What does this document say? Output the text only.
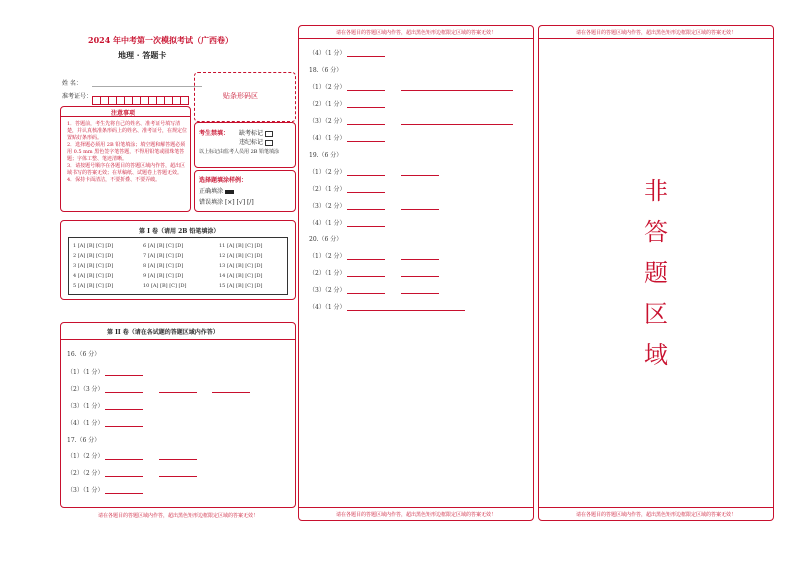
2024 年中考第一次模拟考试（广西卷）
地理 · 答题卡
姓 名：
准考证号：	贴条形码区
注意事项
1．答题前，考生先将自己的姓名、准考证号填写清楚，并认真核准条形码上的姓名、准考证号，在规定位置贴好条形码。
2．选择题必须用 2B 铅笔填涂；填空题和解答题必须用 0.5 mm 黑色签字笔答题，不得用铅笔或圆珠笔答题；字体工整、笔迹清晰。
3．请按题号顺序在各题目的答题区域内作答，超出区域书写的答案无效；在草稿纸、试题卷上答题无效。
4．保持卡面清洁，不要折叠、不要弄破。
考生禁填： 缺考标记
违纪标记
以上标记由监考人员用 2B 铅笔填涂
选择题填涂样例：
正确填涂
错误填涂 [×] [√] [/]
第 I 卷（请用 2B 铅笔填涂）
1 [A] [B] [C] [D]	6 [A] [B] [C] [D]	11 [A] [B] [C] [D]
2 [A] [B] [C] [D]	7 [A] [B] [C] [D]	12 [A] [B] [C] [D]
3 [A] [B] [C] [D]	8 [A] [B] [C] [D]	13 [A] [B] [C] [D]
4 [A] [B] [C] [D]	9 [A] [B] [C] [D]	14 [A] [B] [C] [D]
5 [A] [B] [C] [D]	10 [A] [B] [C] [D]	15 [A] [B] [C] [D]
第 II 卷（请在各试题的答题区域内作答）
16.（6 分）
（1）（1 分）
（2）（3 分）
（3）（1 分）
（4）（1 分）
17.（6 分）
（1）（2 分）
（2）（2 分）
（3）（1 分）
请在各题目的答题区域内作答，超出黑色矩形边框限定区域的答案无效！
请在各题目的答题区域内作答，超出黑色矩形边框限定区域的答案无效！
（4）（1 分）
18.（6 分）
（1）（2 分）
（2）（1 分）
（3）（2 分）
（4）（1 分）
19.（6 分）
（1）（2 分）
（2）（1 分）
（3）（2 分）
（4）（1 分）
20.（6 分）
（1）（2 分）
（2）（1 分）
（3）（2 分）
（4）（1 分）
请在各题目的答题区域内作答，超出黑色矩形边框限定区域的答案无效！
请在各题目的答题区域内作答，超出黑色矩形边框限定区域的答案无效！
非
答
题
区
域
请在各题目的答题区域内作答，超出黑色矩形边框限定区域的答案无效！
